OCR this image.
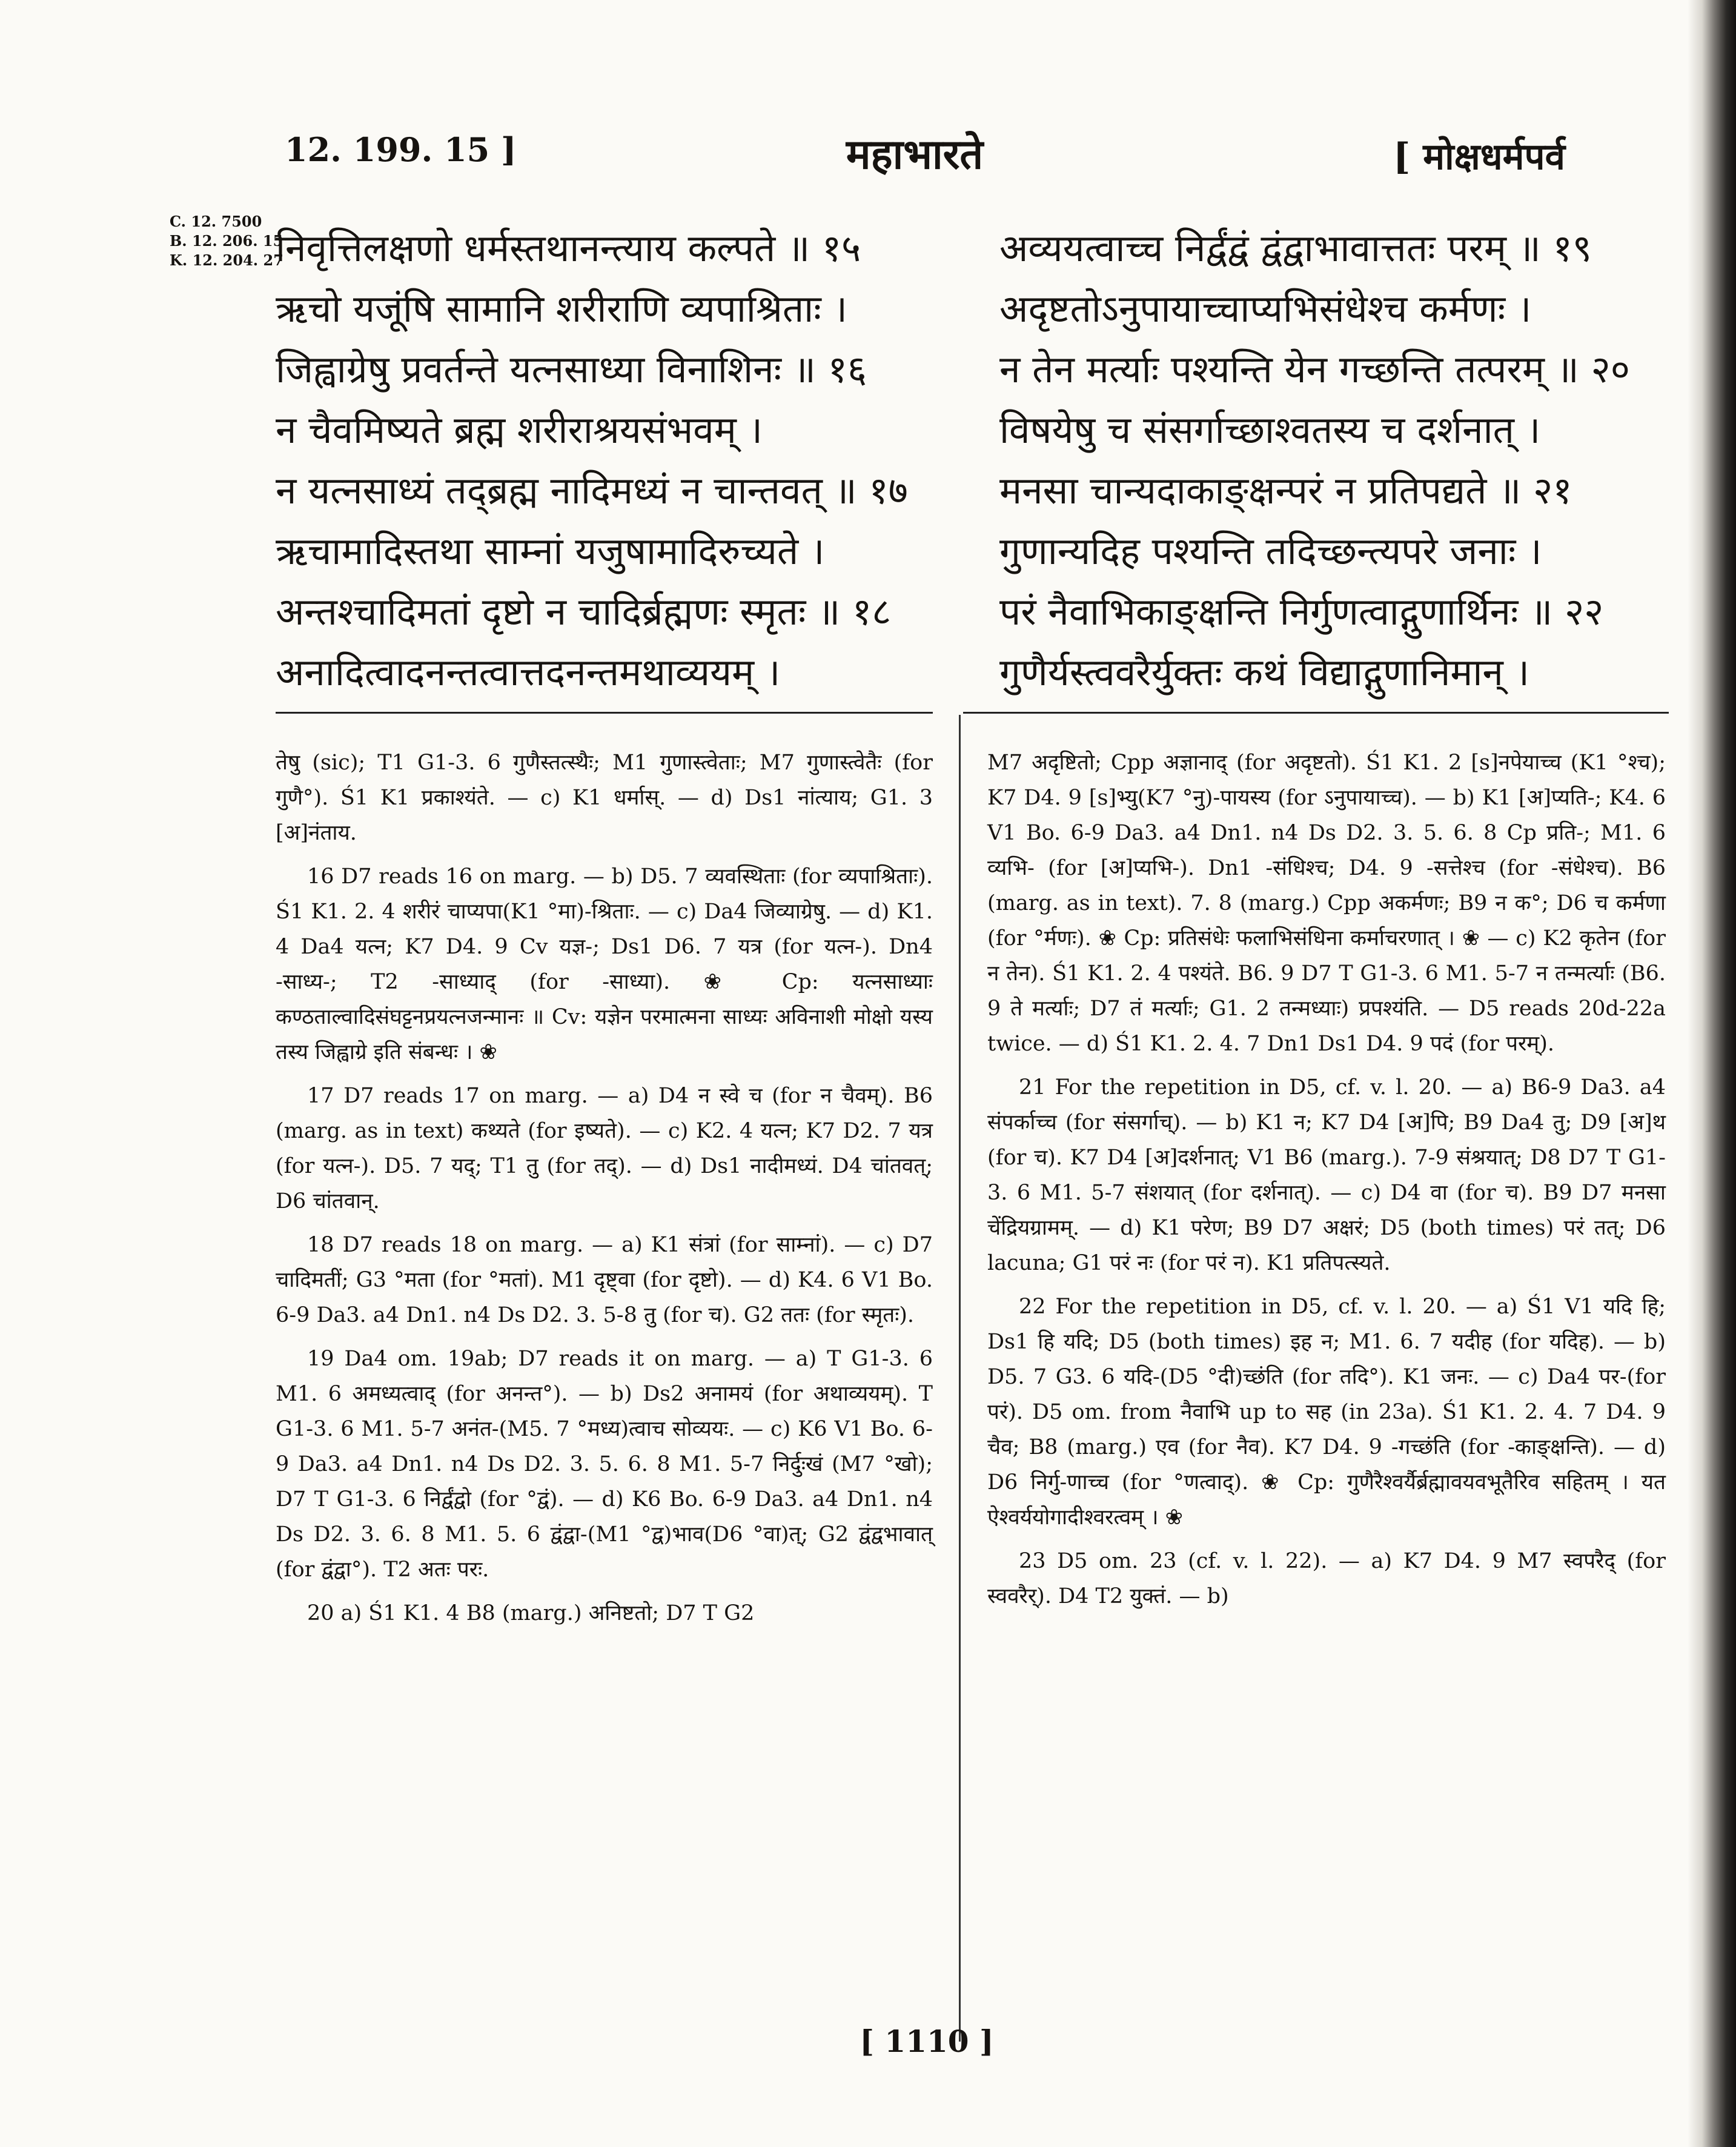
12. 199. 15 ]	महाभारते	[ मोक्षधर्मपर्व
C. 12. 7500
B. 12. 206. 15
K. 12. 204. 27
निवृत्तिलक्षणो धर्मस्तथानन्त्याय कल्पते ॥ १५
ऋचो यजूंषि सामानि शरीराणि व्यपाश्रिताः ।
जिह्वाग्रेषु प्रवर्तन्ते यत्नसाध्या विनाशिनः ॥ १६
न चैवमिष्यते ब्रह्म शरीराश्रयसंभवम् ।
न यत्नसाध्यं तद्ब्रह्म नादिमध्यं न चान्तवत् ॥ १७
ऋचामादिस्तथा साम्नां यजुषामादिरुच्यते ।
अन्तश्चादिमतां दृष्टो न चादिर्ब्रह्मणः स्मृतः ॥ १८
अनादित्वादनन्तत्वात्तदनन्तमथाव्ययम् ।
अव्ययत्वाच्च निर्द्वंद्वं द्वंद्वाभावात्ततः परम् ॥ १९
अदृष्टतोऽनुपायाच्चाप्यभिसंधेश्च कर्मणः ।
न तेन मर्त्याः पश्यन्ति येन गच्छन्ति तत्परम् ॥ २०
विषयेषु च संसर्गाच्छाश्वतस्य च दर्शनात् ।
मनसा चान्यदाकाङ्क्षन्परं न प्रतिपद्यते ॥ २१
गुणान्यदिह पश्यन्ति तदिच्छन्त्यपरे जनाः ।
परं नैवाभिकाङ्क्षन्ति निर्गुणत्वाद्गुणार्थिनः ॥ २२
गुणैर्यस्त्ववरैर्युक्तः कथं विद्याद्गुणानिमान् ।

तेषु (sic); T1 G1-3. 6 गुणैस्तत्स्थैः; M1 गुणास्त्वेताः; M7 गुणास्त्वेतैः (for गुणै°). Ś1 K1 प्रकाश्यंते. — c) K1 धर्मास्. — d) Ds1 नांत्याय; G1. 3 [अ]नंताय.

16 D7 reads 16 on marg. — b) D5. 7 व्यवस्थिताः (for व्यपाश्रिताः). Ś1 K1. 2. 4 शरीरं चाप्यपा(K1 °मा)-श्रिताः. — c) Da4 जिव्याग्रेषु. — d) K1. 4 Da4 यत्न; K7 D4. 9 Cv यज्ञ-; Ds1 D6. 7 यत्र (for यत्न-). Dn4 -साध्य-; T2 -साध्याद् (for -साध्या). ❀ Cp: यत्नसाध्याः कण्ठताल्वादिसंघट्टनप्रयत्नजन्मानः ॥ Cv: यज्ञेन परमात्मना साध्यः अविनाशी मोक्षो यस्य तस्य जिह्वाग्रे इति संबन्धः । ❀

17 D7 reads 17 on marg. — a) D4 न स्वे च (for न चैवम्). B6 (marg. as in text) कथ्यते (for इष्यते). — c) K2. 4 यत्न; K7 D2. 7 यत्र (for यत्न-). D5. 7 यद्; T1 तु (for तद्). — d) Ds1 नादीमध्यं. D4 चांतवत्; D6 चांतवान्.

18 D7 reads 18 on marg. — a) K1 संत्रां (for साम्नां). — c) D7 चादिमतीं; G3 °मता (for °मतां). M1 दृष्ट्वा (for दृष्टो). — d) K4. 6 V1 Bo. 6-9 Da3. a4 Dn1. n4 Ds D2. 3. 5-8 तु (for च). G2 ततः (for स्मृतः).

19 Da4 om. 19ab; D7 reads it on marg. — a) T G1-3. 6 M1. 6 अमध्यत्वाद् (for अनन्त°). — b) Ds2 अनामयं (for अथाव्ययम्). T G1-3. 6 M1. 5-7 अनंत-(M5. 7 °मध्य)त्वाच सोव्ययः. — c) K6 V1 Bo. 6-9 Da3. a4 Dn1. n4 Ds D2. 3. 5. 6. 8 M1. 5-7 निर्दुःखं (M7 °खो); D7 T G1-3. 6 निर्द्वंद्वो (for °द्वं). — d) K6 Bo. 6-9 Da3. a4 Dn1. n4 Ds D2. 3. 6. 8 M1. 5. 6 द्वंद्वा-(M1 °द्व)भाव(D6 °वा)त्; G2 द्वंद्वभावात् (for द्वंद्वा°). T2 अतः परः.

20 a) Ś1 K1. 4 B8 (marg.) अनिष्टतो; D7 T G2

M7 अदृष्टितो; Cpp अज्ञानाद् (for अदृष्टतो). Ś1 K1. 2 [s]नपेयाच्च (K1 °श्च); K7 D4. 9 [s]भ्यु(K7 °नु)-पायस्य (for ऽनुपायाच्च). — b) K1 [अ]प्यति-; K4. 6 V1 Bo. 6-9 Da3. a4 Dn1. n4 Ds D2. 3. 5. 6. 8 Cp प्रति-; M1. 6 व्यभि- (for [अ]प्यभि-). Dn1 -संधिश्च; D4. 9 -सत्तेश्च (for -संधेश्च). B6 (marg. as in text). 7. 8 (marg.) Cpp अकर्मणः; B9 न क°; D6 च कर्मणा (for °र्मणः). ❀ Cp: प्रतिसंधेः फलाभिसंधिना कर्माचरणात् । ❀ — c) K2 कृतेन (for न तेन). Ś1 K1. 2. 4 पश्यंते. B6. 9 D7 T G1-3. 6 M1. 5-7 न तन्मर्त्याः (B6. 9 ते मर्त्याः; D7 तं मर्त्याः; G1. 2 तन्मध्याः) प्रपश्यंति. — D5 reads 20d-22a twice. — d) Ś1 K1. 2. 4. 7 Dn1 Ds1 D4. 9 पदं (for परम्).

21 For the repetition in D5, cf. v. l. 20. — a) B6-9 Da3. a4 संपर्काच्च (for संसर्गाच्). — b) K1 न; K7 D4 [अ]पि; B9 Da4 तु; D9 [अ]थ (for च). K7 D4 [अ]दर्शनात्; V1 B6 (marg.). 7-9 संश्रयात्; D8 D7 T G1-3. 6 M1. 5-7 संशयात् (for दर्शनात्). — c) D4 वा (for च). B9 D7 मनसा चेंद्रियग्रामम्. — d) K1 परेण; B9 D7 अक्षरं; D5 (both times) परं तत्; D6 lacuna; G1 परं नः (for परं न). K1 प्रतिपत्स्यते.

22 For the repetition in D5, cf. v. l. 20. — a) Ś1 V1 यदि हि; Ds1 हि यदि; D5 (both times) इह न; M1. 6. 7 यदीह (for यदिह). — b) D5. 7 G3. 6 यदि-(D5 °दी)च्छंति (for तदि°). K1 जनः. — c) Da4 पर-(for परं). D5 om. from नैवाभि up to सह (in 23a). Ś1 K1. 2. 4. 7 D4. 9 चैव; B8 (marg.) एव (for नैव). K7 D4. 9 -गच्छंति (for -काङ्क्षन्ति). — d) D6 निर्गु-णाच्च (for °णत्वाद्). ❀ Cp: गुणैरैश्वर्यैर्ब्रह्मावयवभूतैरिव सहितम् । यत ऐश्वर्ययोगादीश्वरत्वम् । ❀

23 D5 om. 23 (cf. v. l. 22). — a) K7 D4. 9 M7 स्वपरैद् (for स्ववरैर्). D4 T2 युक्तं. — b)

[ 1110 ]
